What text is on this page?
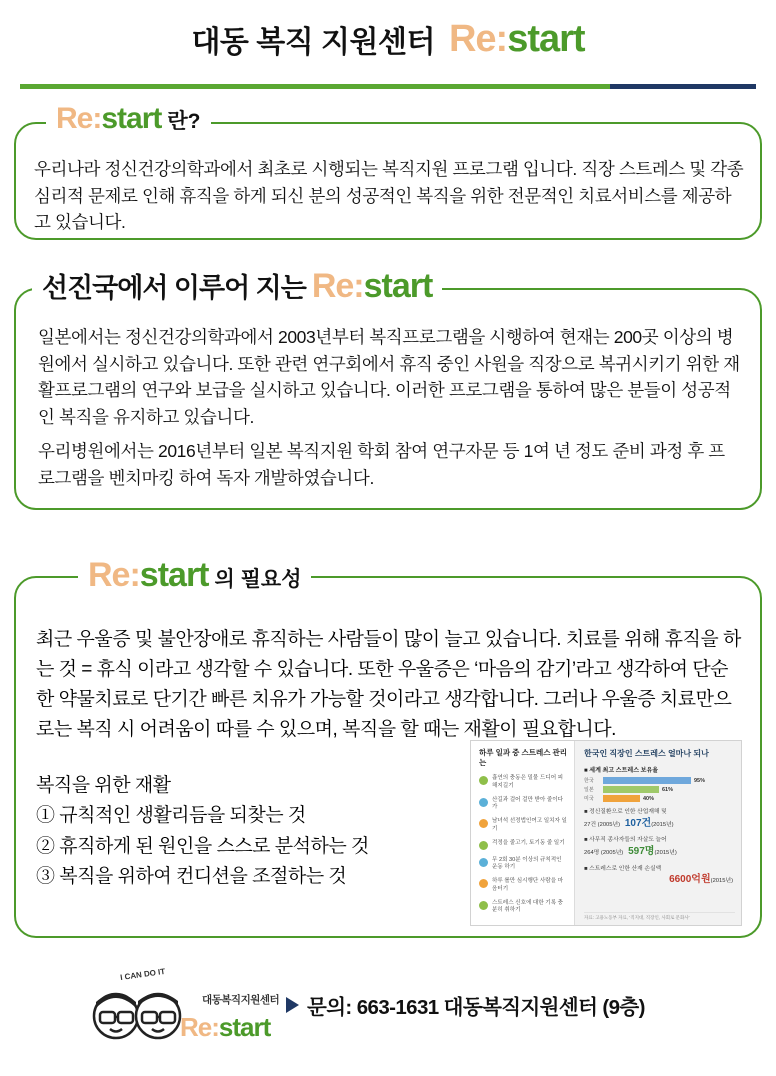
대동 복직 지원센터 Re:start
Re:start 란?

우리나라 정신건강의학과에서 최초로 시행되는 복직지원 프로그램 입니다. 직장 스트레스 및 각종 심리적 문제로 인해 휴직을 하게 되신 분의 성공적인 복직을 위한 전문적인 치료서비스를 제공하고 있습니다.

선진국에서 이루어 지는 Re:start

일본에서는 정신건강의학과에서 2003년부터 복직프로그램을 시행하여 현재는 200곳 이상의 병원에서 실시하고 있습니다. 또한 관련 연구회에서 휴직 중인 사원을 직장으로 복귀시키기 위한 재활프로그램의 연구와 보급을 실시하고 있습니다. 이러한 프로그램을 통하여 많은 분들이 성공적인 복직을 유지하고 있습니다.

우리병원에서는 2016년부터 일본 복직지원 학회 참여 연구자문 등 1여 년 정도 준비 과정 후 프로그램을 벤치마킹 하여 독자 개발하였습니다.

Re:start 의 필요성

최근 우울증 및 불안장애로 휴직하는 사람들이 많이 늘고 있습니다. 치료를 위해 휴직을 하는 것 = 휴식 이라고 생각할 수 있습니다. 또한 우울증은 ‘마음의 감기’라고 생각하여 단순한 약물치료로 단기간 빠른 치유가 가능할 것이라고 생각합니다. 그러나 우울증 치료만으로는 복직 시 어려움이 따를 수 있으며, 복직을 할 때는 재활이 필요합니다.

복직을 위한 재활
① 규칙적인 생활리듬을 되찾는 것
② 휴직하게 된 원인을 스스로 분석하는 것
③ 복직을 위하여 컨디션을 조절하는 것
하루 일과 중 스트레스 관리는
흡연의 충동은 밀물 드디어 피해지길기
산길과 걸어 걸만 받아 줄이다가
남녀석 선정법인여고 일치자 일기
걱정을 줄고기, 토기동 줄 일기
무 2회 30분 이상의 규칙적인 운동 하기
하루 롤만 심시행단 사람을 마음터기
스트레스 신호에 대한 기록 충분히 취하기
한국인 직장인 스트레스 얼마나 되나
■ 세계 최고 스트레스 보유율
한국	95%
일본	61%
미국	40%
■ 정신질환으로 인한 산업재해 및
27건 (2005년) 107건(2015년)
■ 사무직 종사자들의 자살도 늘어
264명 (2005년) 597명(2015년)
■ 스트레스로 인한 산재 손실액
6600억원(2015년)
자료: 고용노동부 자료, '직지대, 직장인, 사회로 문화사'
I CAN DO IT
대동복직지원센터
Re:start
문의: 663-1631 대동복직지원센터 (9층)
